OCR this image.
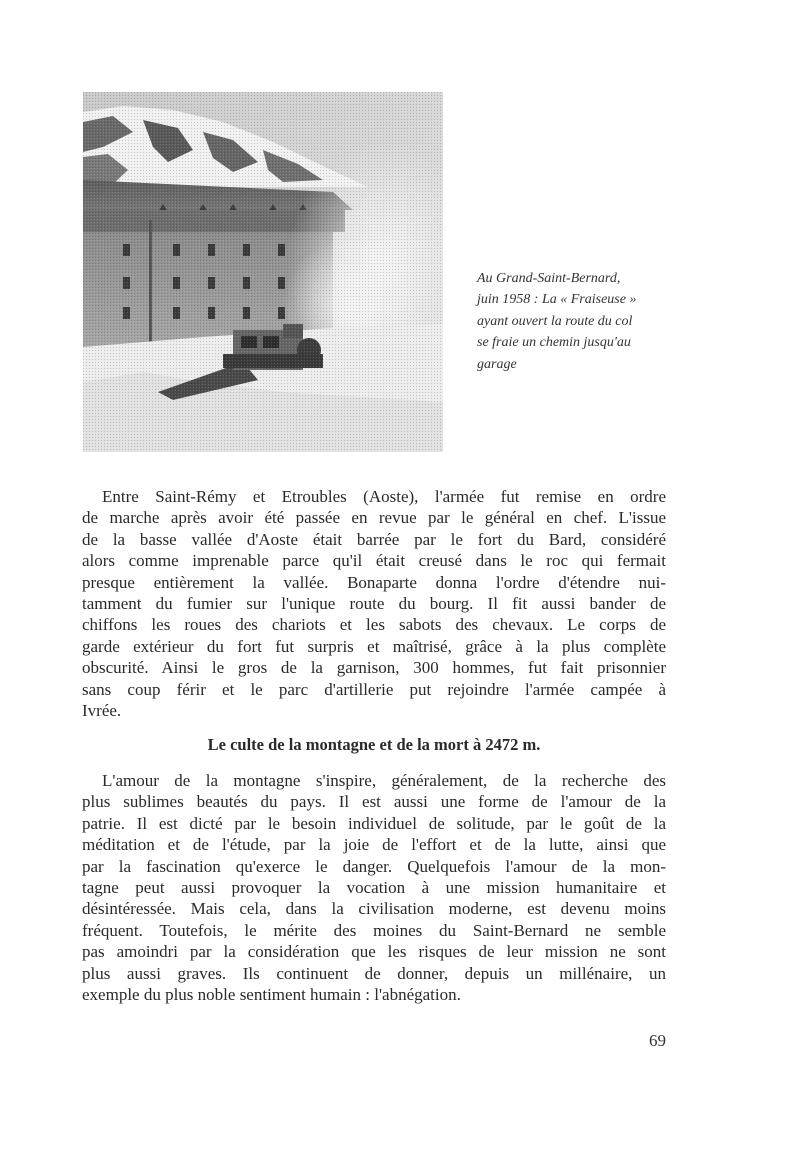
Au Grand-Saint-Bernard,
juin 1958 : La « Fraiseuse »
ayant ouvert la route du col
se fraie un chemin jusqu'au
garage
Entre Saint-Rémy et Etroubles (Aoste), l'armée fut remise en ordre
de marche après avoir été passée en revue par le général en chef. L'issue
de la basse vallée d'Aoste était barrée par le fort du Bard, considéré
alors comme imprenable parce qu'il était creusé dans le roc qui fermait
presque entièrement la vallée. Bonaparte donna l'ordre d'étendre nui-
tamment du fumier sur l'unique route du bourg. Il fit aussi bander de
chiffons les roues des chariots et les sabots des chevaux. Le corps de
garde extérieur du fort fut surpris et maîtrisé, grâce à la plus complète
obscurité. Ainsi le gros de la garnison, 300 hommes, fut fait prisonnier
sans coup férir et le parc d'artillerie put rejoindre l'armée campée à
Ivrée.
Le culte de la montagne et de la mort à 2472 m.
L'amour de la montagne s'inspire, généralement, de la recherche des
plus sublimes beautés du pays. Il est aussi une forme de l'amour de la
patrie. Il est dicté par le besoin individuel de solitude, par le goût de la
méditation et de l'étude, par la joie de l'effort et de la lutte, ainsi que
par la fascination qu'exerce le danger. Quelquefois l'amour de la mon-
tagne peut aussi provoquer la vocation à une mission humanitaire et
désintéressée. Mais cela, dans la civilisation moderne, est devenu moins
fréquent. Toutefois, le mérite des moines du Saint-Bernard ne semble
pas amoindri par la considération que les risques de leur mission ne sont
plus aussi graves. Ils continuent de donner, depuis un millénaire, un
exemple du plus noble sentiment humain : l'abnégation.
69
